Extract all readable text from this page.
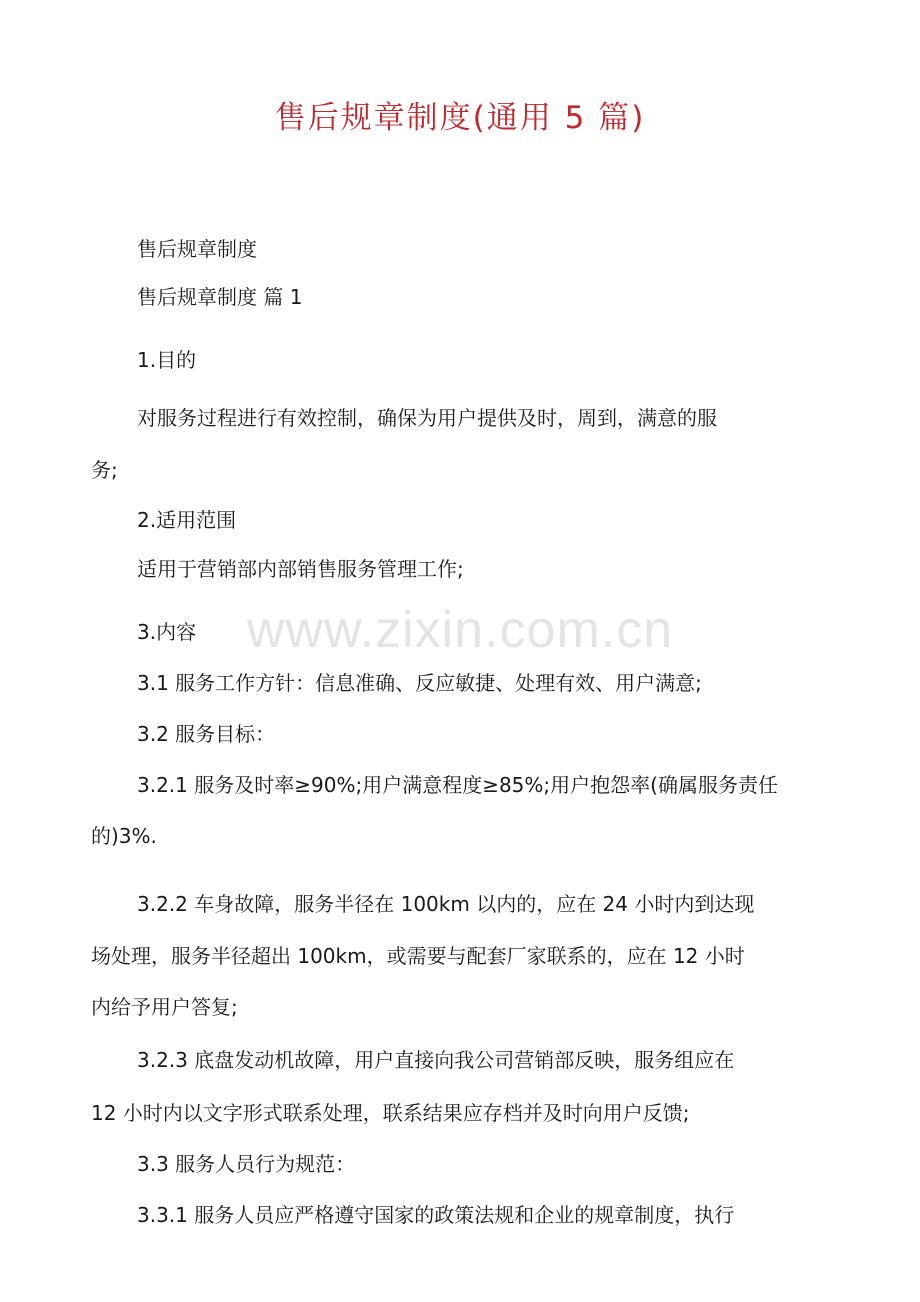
售后规章制度(通用 5 篇)
www.zixin.com.cn
售后规章制度
售后规章制度 篇 1
1.目的
对服务过程进行有效控制，确保为用户提供及时，周到，满意的服
务;
2.适用范围
适用于营销部内部销售服务管理工作;
3.内容
3.1 服务工作方针：信息准确、反应敏捷、处理有效、用户满意;
3.2 服务目标：
3.2.1 服务及时率≥90%;用户满意程度≥85%;用户抱怨率(确属服务责任
的)3%.
3.2.2 车身故障，服务半径在 100km 以内的，应在 24 小时内到达现
场处理，服务半径超出 100km，或需要与配套厂家联系的，应在 12 小时
内给予用户答复;
3.2.3 底盘发动机故障，用户直接向我公司营销部反映，服务组应在
12 小时内以文字形式联系处理，联系结果应存档并及时向用户反馈;
3.3 服务人员行为规范：
3.3.1 服务人员应严格遵守国家的政策法规和企业的规章制度，执行
